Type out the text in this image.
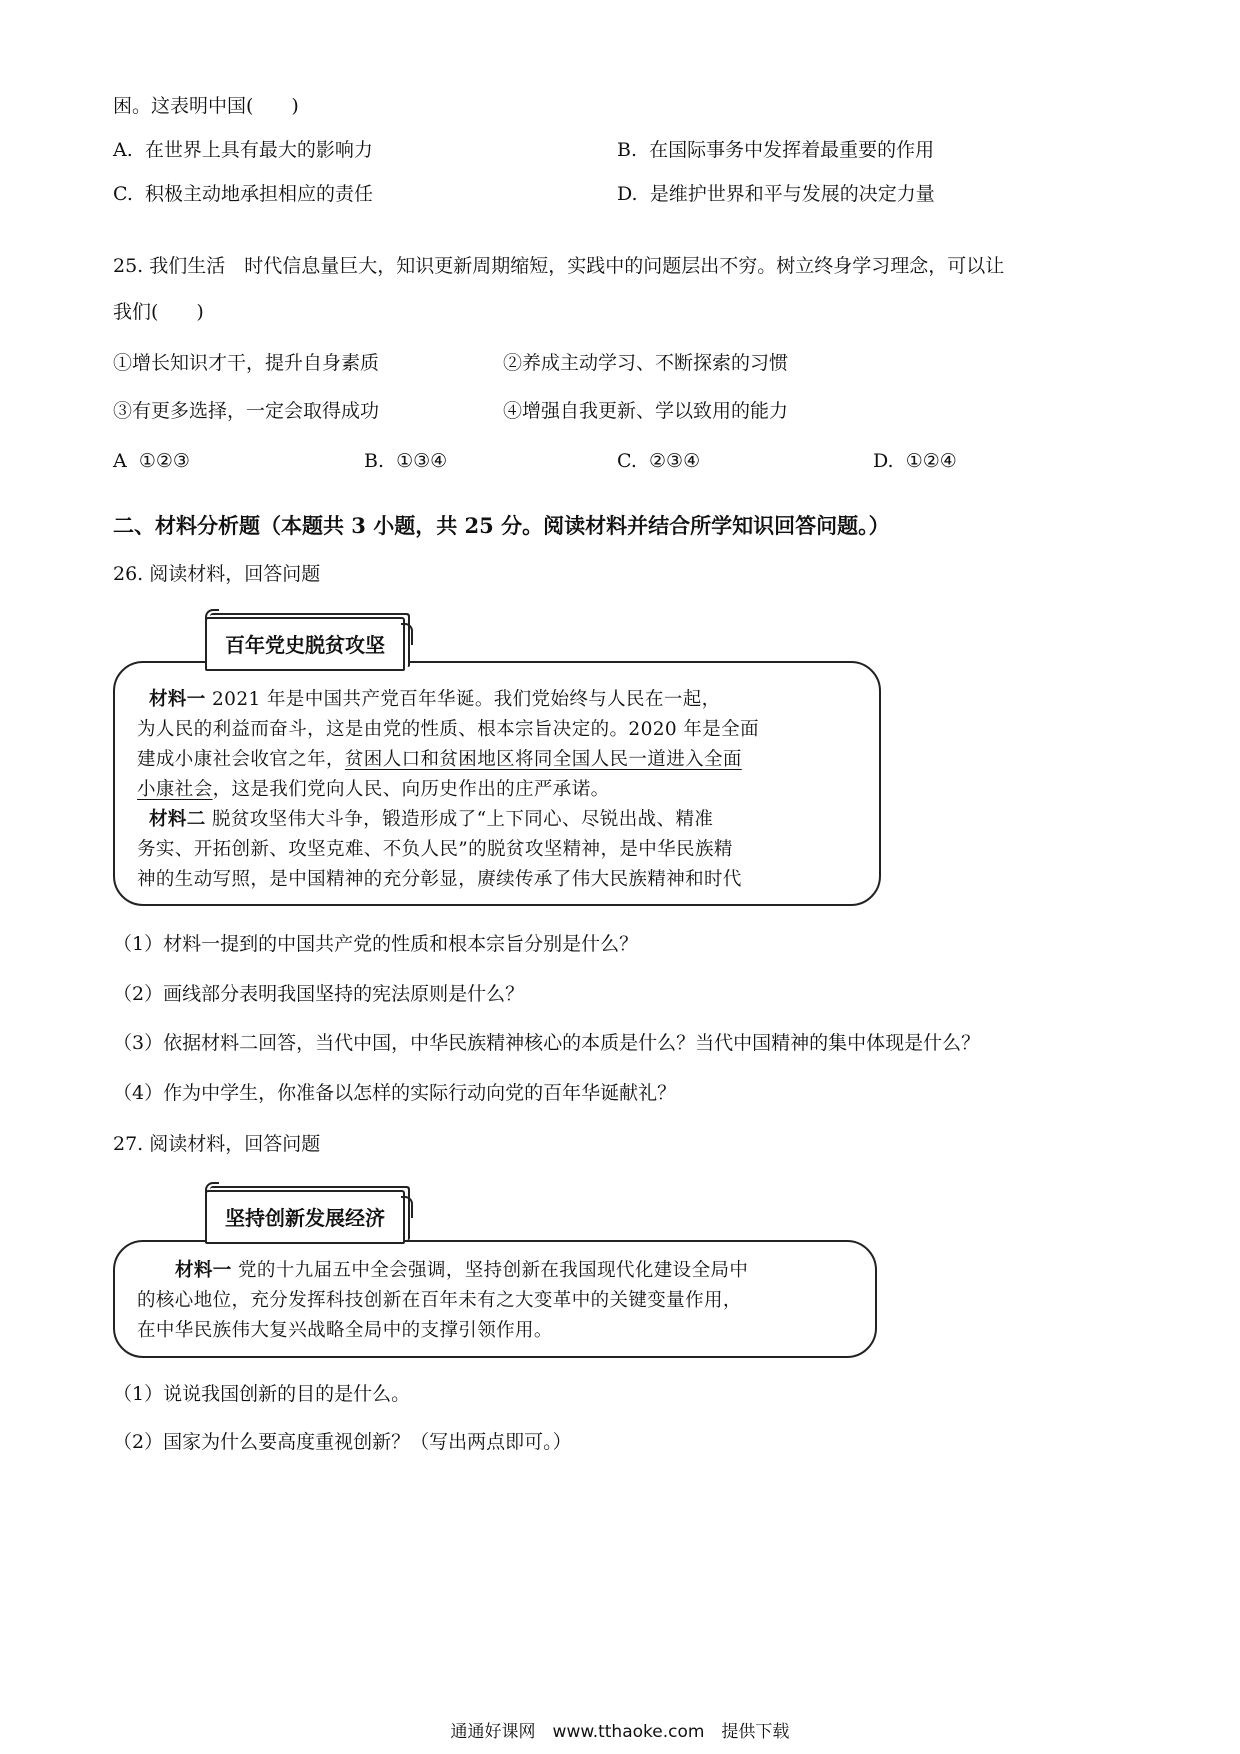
困。这表明中国(　　)
A. 在世界上具有最大的影响力	B. 在国际事务中发挥着最重要的作用
C. 积极主动地承担相应的责任	D. 是维护世界和平与发展的决定力量
25. 我们生活　时代信息量巨大，知识更新周期缩短，实践中的问题层出不穷。树立终身学习理念，可以让
我们(　　)
①增长知识才干，提升自身素质	②养成主动学习、不断探索的习惯
③有更多选择，一定会取得成功	④增强自我更新、学以致用的能力
A ①②③	B. ①③④	C. ②③④	D. ①②④
二、材料分析题（本题共 3 小题，共 25 分。阅读材料并结合所学知识回答问题。）
26. 阅读材料，回答问题
材料一 2021 年是中国共产党百年华诞。我们党始终与人民在一起，
为人民的利益而奋斗，这是由党的性质、根本宗旨决定的。2020 年是全面
建成小康社会收官之年，贫困人口和贫困地区将同全国人民一道进入全面
小康社会，这是我们党向人民、向历史作出的庄严承诺。
材料二 脱贫攻坚伟大斗争，锻造形成了“上下同心、尽锐出战、精准
务实、开拓创新、攻坚克难、不负人民”的脱贫攻坚精神，是中华民族精
神的生动写照，是中国精神的充分彰显，赓续传承了伟大民族精神和时代
百年党史脱贫攻坚
（1）材料一提到的中国共产党的性质和根本宗旨分别是什么？
（2）画线部分表明我国坚持的宪法原则是什么？
（3）依据材料二回答，当代中国，中华民族精神核心的本质是什么？当代中国精神的集中体现是什么？
（4）作为中学生，你准备以怎样的实际行动向党的百年华诞献礼？
27. 阅读材料，回答问题
材料一 党的十九届五中全会强调，坚持创新在我国现代化建设全局中
的核心地位，充分发挥科技创新在百年未有之大变革中的关键变量作用，
在中华民族伟大复兴战略全局中的支撑引领作用。
坚持创新发展经济
（1）说说我国创新的目的是什么。
（2）国家为什么要高度重视创新？（写出两点即可。）
通通好课网　www.tthaoke.com　提供下载
